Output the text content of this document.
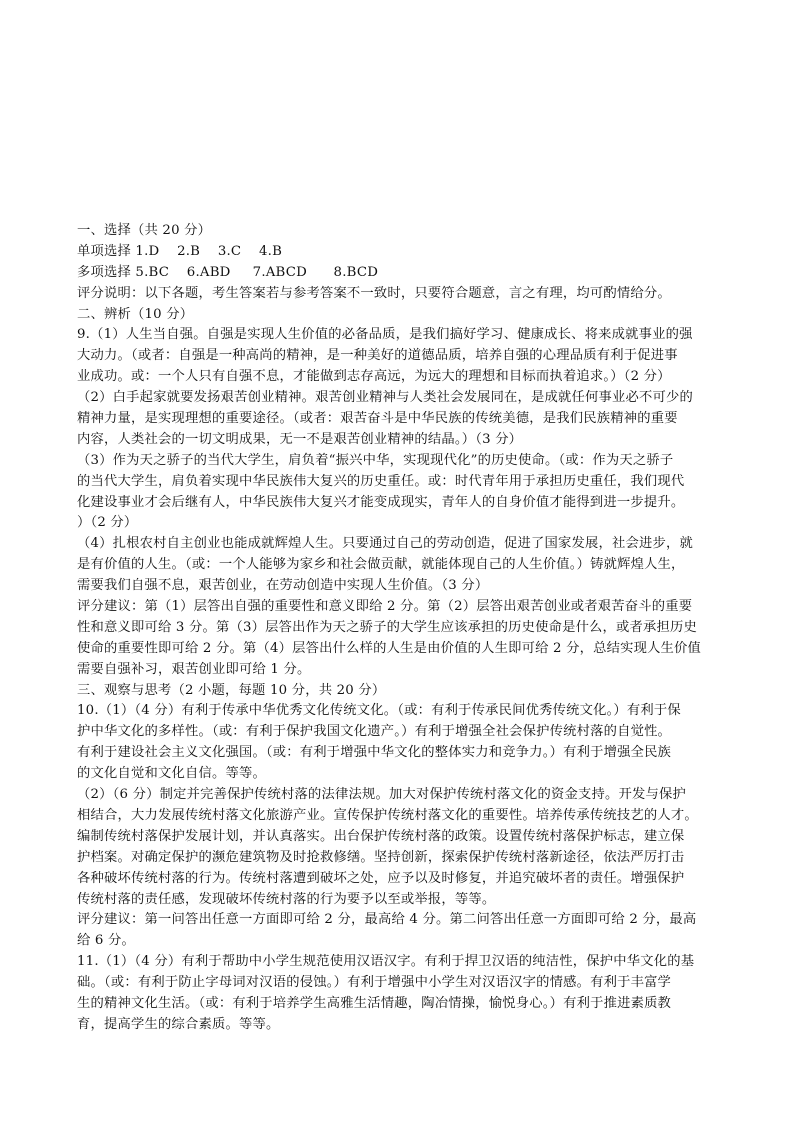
一、选择（共 20 分）
单项选择 1.D    2.B    3.C    4.B
多项选择 5.BC    6.ABD     7.ABCD      8.BCD
评分说明：以下各题，考生答案若与参考答案不一致时，只要符合题意，言之有理，均可酌情给分。
二、辨析（10 分）
9.（1）人生当自强。自强是实现人生价值的必备品质，是我们搞好学习、健康成长、将来成就事业的强
大动力。（或者：自强是一种高尚的精神，是一种美好的道德品质，培养自强的心理品质有利于促进事
业成功。或：一个人只有自强不息，才能做到志存高远，为远大的理想和目标而执着追求。）（2 分）
（2）白手起家就要发扬艰苦创业精神。艰苦创业精神与人类社会发展同在，是成就任何事业必不可少的
精神力量，是实现理想的重要途径。（或者：艰苦奋斗是中华民族的传统美德，是我们民族精神的重要
内容，人类社会的一切文明成果，无一不是艰苦创业精神的结晶。）（3 分）
（3）作为天之骄子的当代大学生，肩负着“振兴中华，实现现代化”的历史使命。（或：作为天之骄子
的当代大学生，肩负着实现中华民族伟大复兴的历史重任。或：时代青年用于承担历史重任，我们现代
化建设事业才会后继有人，中华民族伟大复兴才能变成现实，青年人的自身价值才能得到进一步提升。
）（2 分）
（4）扎根农村自主创业也能成就辉煌人生。只要通过自己的劳动创造，促进了国家发展，社会进步，就
是有价值的人生。（或：一个人能够为家乡和社会做贡献，就能体现自己的人生价值。）铸就辉煌人生，
需要我们自强不息，艰苦创业，在劳动创造中实现人生价值。（3 分）
评分建议：第（1）层答出自强的重要性和意义即给 2 分。第（2）层答出艰苦创业或者艰苦奋斗的重要
性和意义即可给 3 分。第（3）层答出作为天之骄子的大学生应该承担的历史使命是什么，或者承担历史
使命的重要性即可给 2 分。第（4）层答出什么样的人生是由价值的人生即可给 2 分，总结实现人生价值
需要自强补习，艰苦创业即可给 1 分。
三、观察与思考（2 小题，每题 10 分，共 20 分）
10.（1）（4 分）有利于传承中华优秀文化传统文化。（或：有利于传承民间优秀传统文化。）有利于保
护中华文化的多样性。（或：有利于保护我国文化遗产。）有利于增强全社会保护传统村落的自觉性。
有利于建设社会主义文化强国。（或：有利于增强中华文化的整体实力和竞争力。）有利于增强全民族
的文化自觉和文化自信。等等。
（2）（6 分）制定并完善保护传统村落的法律法规。加大对保护传统村落文化的资金支持。开发与保护
相结合，大力发展传统村落文化旅游产业。宣传保护传统村落文化的重要性。培养传承传统技艺的人才。
编制传统村落保护发展计划，并认真落实。出台保护传统村落的政策。设置传统村落保护标志，建立保
护档案。对确定保护的濒危建筑物及时抢救修缮。坚持创新，探索保护传统村落新途径，依法严厉打击
各种破坏传统村落的行为。传统村落遭到破坏之处，应予以及时修复，并追究破坏者的责任。增强保护
传统村落的责任感，发现破坏传统村落的行为要予以至或举报，等等。
评分建议：第一问答出任意一方面即可给 2 分，最高给 4 分。第二问答出任意一方面即可给 2 分，最高
给 6 分。
11.（1）（4 分）有利于帮助中小学生规范使用汉语汉字。有利于捍卫汉语的纯洁性，保护中华文化的基
础。（或：有利于防止字母词对汉语的侵蚀。）有利于增强中小学生对汉语汉字的情感。有利于丰富学
生的精神文化生活。（或：有利于培养学生高雅生活情趣，陶冶情操，愉悦身心。）有利于推进素质教
育，提高学生的综合素质。等等。
